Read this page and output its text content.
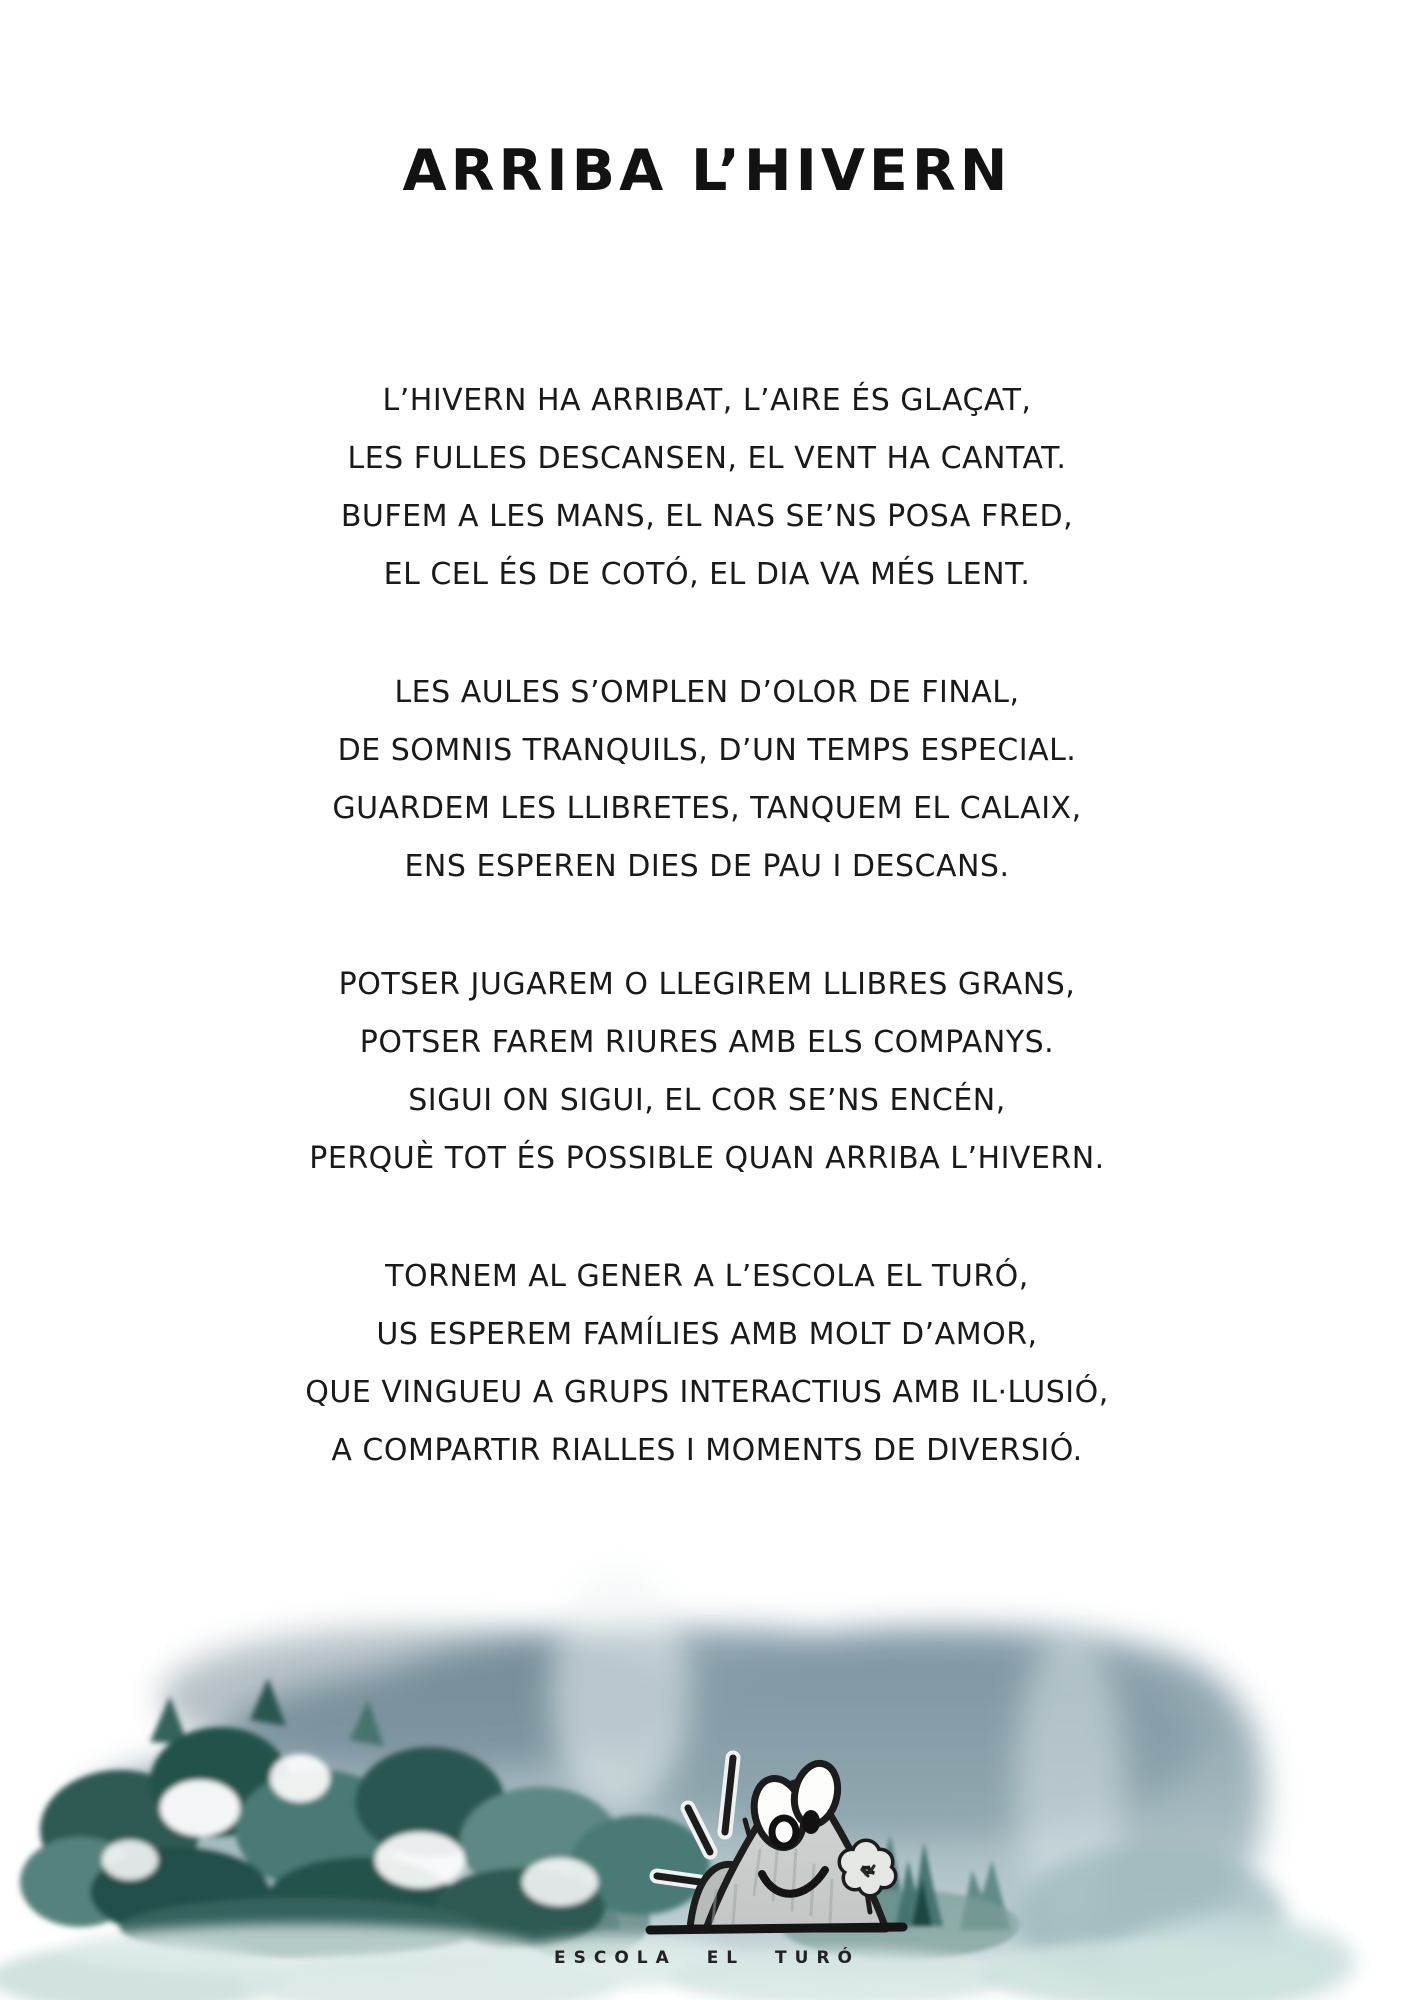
ARRIBA L’HIVERN
L’HIVERN HA ARRIBAT, L’AIRE ÉS GLAÇAT,
LES FULLES DESCANSEN, EL VENT HA CANTAT.
BUFEM A LES MANS, EL NAS SE’NS POSA FRED,
EL CEL ÉS DE COTÓ, EL DIA VA MÉS LENT.
LES AULES S’OMPLEN D’OLOR DE FINAL,
DE SOMNIS TRANQUILS, D’UN TEMPS ESPECIAL.
GUARDEM LES LLIBRETES, TANQUEM EL CALAIX,
ENS ESPEREN DIES DE PAU I DESCANS.
POTSER JUGAREM O LLEGIREM LLIBRES GRANS,
POTSER FAREM RIURES AMB ELS COMPANYS.
SIGUI ON SIGUI, EL COR SE’NS ENCÉN,
PERQUÈ TOT ÉS POSSIBLE QUAN ARRIBA L’HIVERN.
TORNEM AL GENER A L’ESCOLA EL TURÓ,
US ESPEREM FAMÍLIES AMB MOLT D’AMOR,
QUE VINGUEU A GRUPS INTERACTIUS AMB IL·LUSIÓ,
A COMPARTIR RIALLES I MOMENTS DE DIVERSIÓ.
ESCOLA EL TURÓ
